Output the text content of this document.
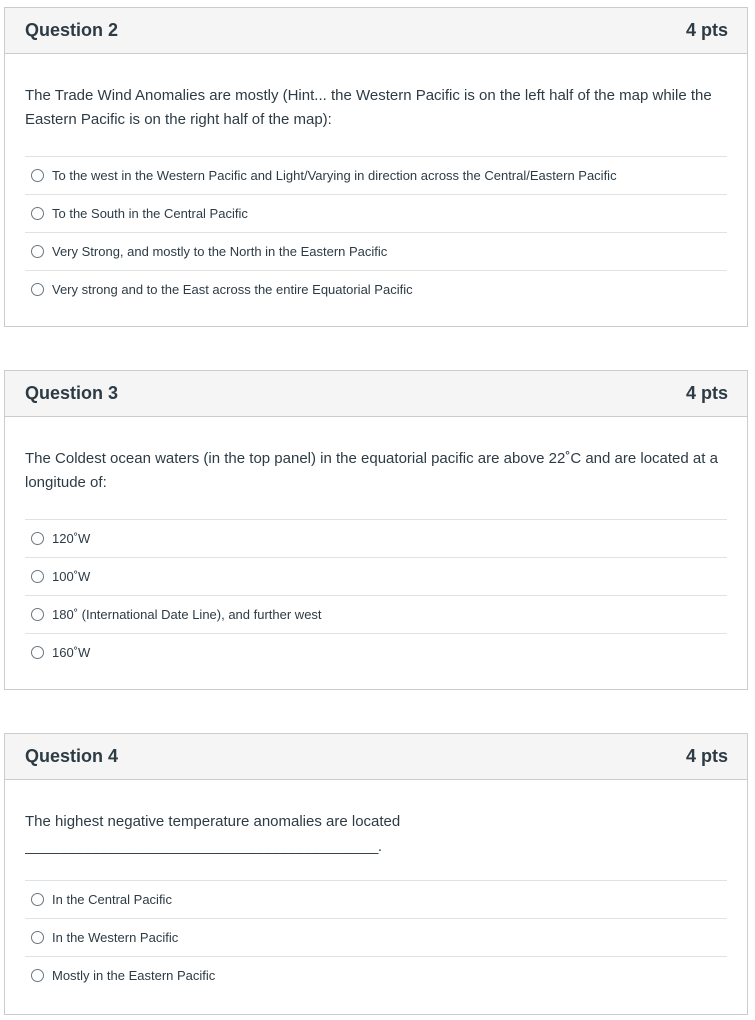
Question 2	4 pts

The Trade Wind Anomalies are mostly (Hint... the Western Pacific is on the left half of the map while the Eastern Pacific is on the right half of the map):

To the west in the Western Pacific and Light/Varying in direction across the Central/Eastern Pacific
To the South in the Central Pacific
Very Strong, and mostly to the North in the Eastern Pacific
Very strong and to the East across the entire Equatorial Pacific
Question 3	4 pts

The Coldest ocean waters (in the top panel) in the equatorial pacific are above 22˚C and are located at a longitude of:

120˚W
100˚W
180˚ (International Date Line), and further west
160˚W
Question 4	4 pts

The highest negative temperature anomalies are located
_____________________________________________.

In the Central Pacific
In the Western Pacific
Mostly in the Eastern Pacific
